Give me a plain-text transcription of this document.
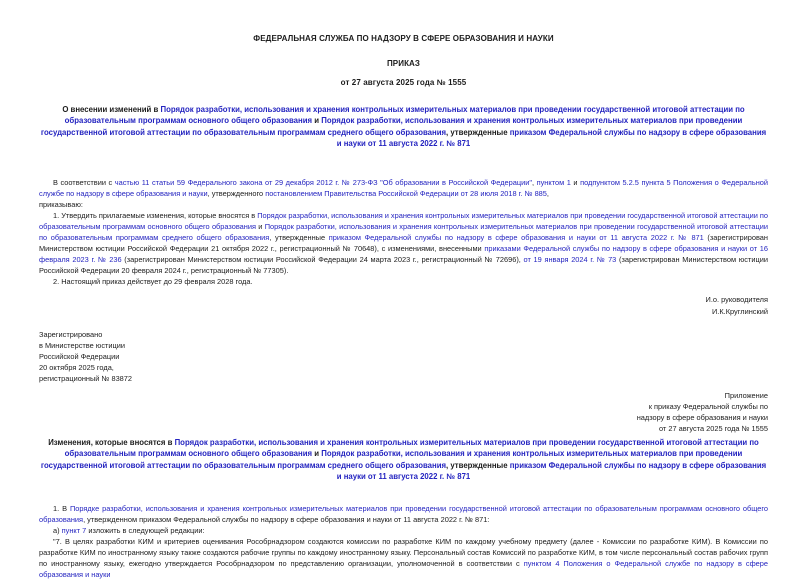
ФЕДЕРАЛЬНАЯ СЛУЖБА ПО НАДЗОРУ В СФЕРЕ ОБРАЗОВАНИЯ И НАУКИ
ПРИКАЗ
от 27 августа 2025 года № 1555
О внесении изменений в Порядок разработки, использования и хранения контрольных измерительных материалов при проведении государственной итоговой аттестации по образовательным программам основного общего образования и Порядок разработки, использования и хранения контрольных измерительных материалов при проведении государственной итоговой аттестации по образовательным программам среднего общего образования, утвержденные приказом Федеральной службы по надзору в сфере образования и науки от 11 августа 2022 г. № 871

В соответствии с частью 11 статьи 59 Федерального закона от 29 декабря 2012 г. № 273-ФЗ "Об образовании в Российской Федерации", пунктом 1 и подпунктом 5.2.5 пункта 5 Положения о Федеральной службе по надзору в сфере образования и науки, утвержденного постановлением Правительства Российской Федерации от 28 июля 2018 г. № 885,

приказываю:

1. Утвердить прилагаемые изменения, которые вносятся в Порядок разработки, использования и хранения контрольных измерительных материалов при проведении государственной итоговой аттестации по образовательным программам основного общего образования и Порядок разработки, использования и хранения контрольных измерительных материалов при проведении государственной итоговой аттестации по образовательным программам среднего общего образования, утвержденные приказом Федеральной службы по надзору в сфере образования и науки от 11 августа 2022 г. № 871 (зарегистрирован Министерством юстиции Российской Федерации 21 октября 2022 г., регистрационный № 70648), с изменениями, внесенными приказами Федеральной службы по надзору в сфере образования и науки от 16 февраля 2023 г. № 236 (зарегистрирован Министерством юстиции Российской Федерации 24 марта 2023 г., регистрационный № 72696), от 19 января 2024 г. № 73 (зарегистрирован Министерством юстиции Российской Федерации 20 февраля 2024 г., регистрационный № 77305).

2. Настоящий приказ действует до 29 февраля 2028 года.

И.о. руководителя
И.К.Круглинский
Зарегистрировано
в Министерстве юстиции
Российской Федерации
20 октября 2025 года,
регистрационный № 83872
Приложение
к приказу Федеральной службы по
надзору в сфере образования и науки
от 27 августа 2025 года № 1555
Изменения, которые вносятся в Порядок разработки, использования и хранения контрольных измерительных материалов при проведении государственной итоговой аттестации по образовательным программам основного общего образования и Порядок разработки, использования и хранения контрольных измерительных материалов при проведении государственной итоговой аттестации по образовательным программам среднего общего образования, утвержденные приказом Федеральной службы по надзору в сфере образования и науки от 11 августа 2022 г. № 871

1. В Порядке разработки, использования и хранения контрольных измерительных материалов при проведении государственной итоговой аттестации по образовательным программам основного общего образования, утвержденном приказом Федеральной службы по надзору в сфере образования и науки от 11 августа 2022 г. № 871:

а) пункт 7 изложить в следующей редакции:

"7. В целях разработки КИМ и критериев оценивания Рособрнадзором создаются комиссии по разработке КИМ по каждому учебному предмету (далее - Комиссии по разработке КИМ). В Комиссии по разработке КИМ по иностранному языку также создаются рабочие группы по каждому иностранному языку. Персональный состав Комиссий по разработке КИМ, в том числе персональный состав рабочих групп по иностранному языку, ежегодно утверждается Рособрнадзором по представлению организации, уполномоченной в соответствии с пунктом 4 Положения о Федеральной службе по надзору в сфере образования и науки
